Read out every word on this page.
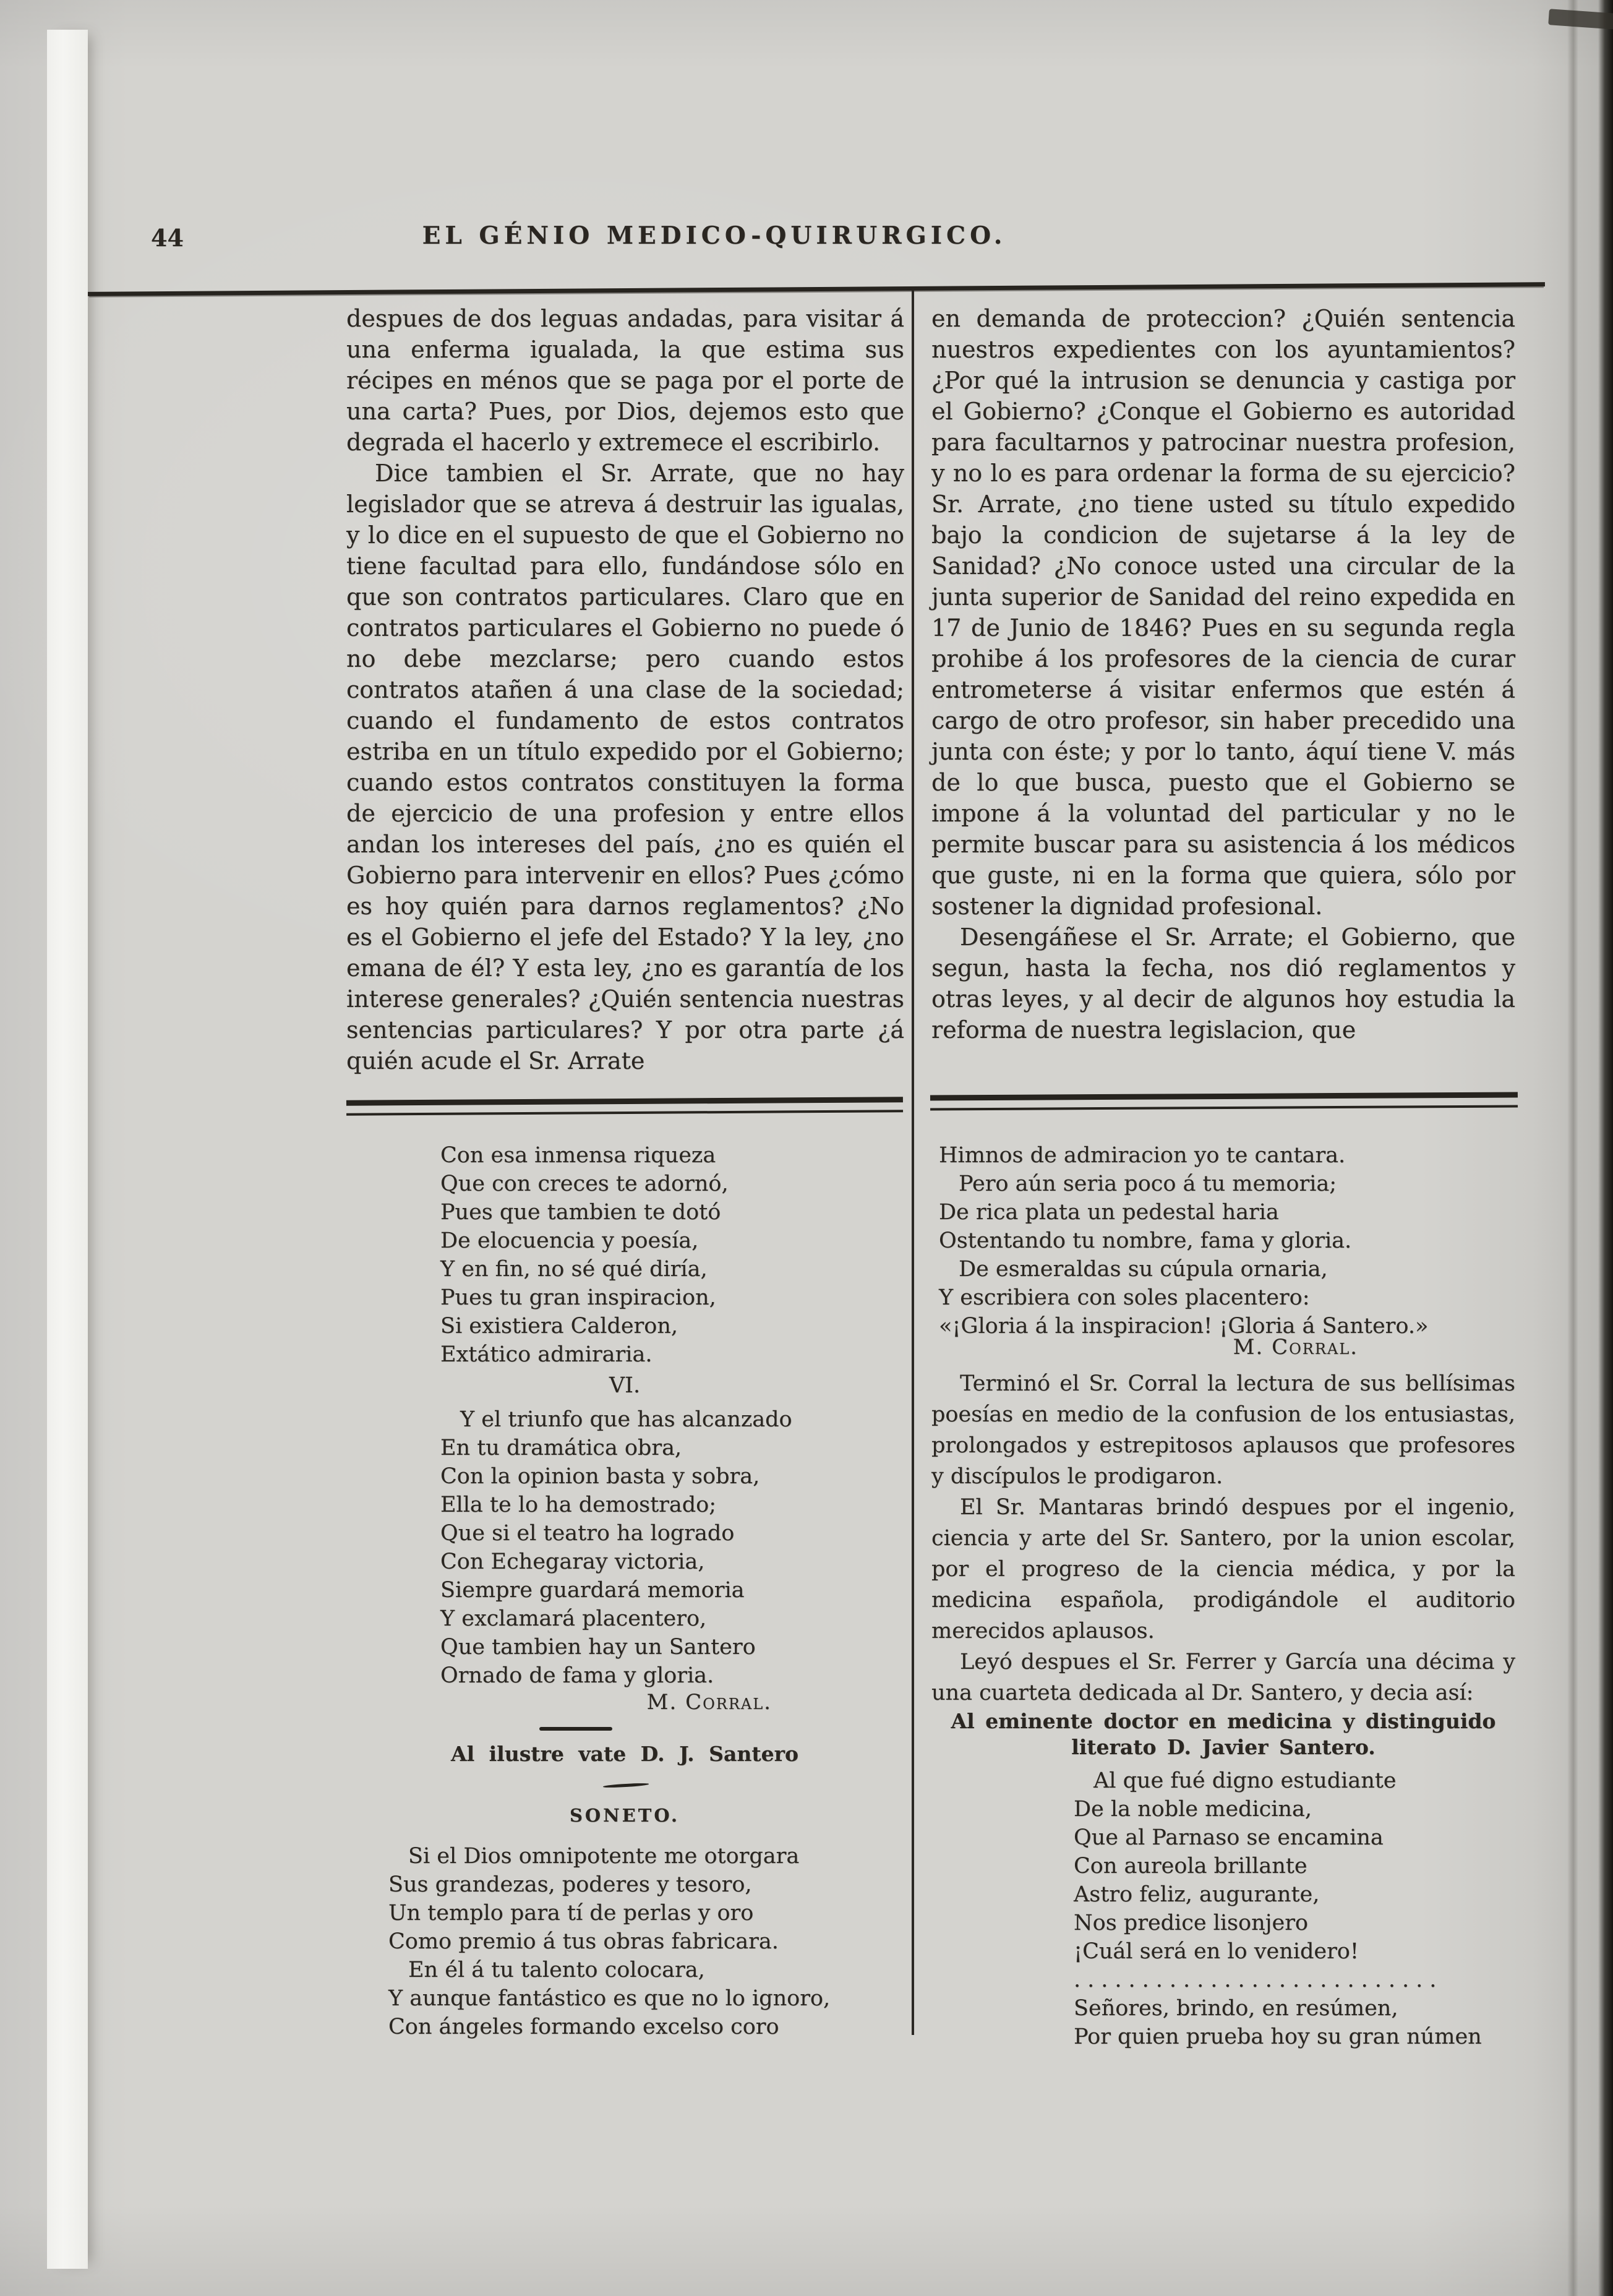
44	EL GÉNIO MEDICO-QUIRURGICO.

despues de dos leguas andadas, para visitar á una enferma igualada, la que estima sus récipes en ménos que se paga por el porte de una carta? Pues, por Dios, dejemos esto que degrada el hacerlo y extremece el escribirlo.

Dice tambien el Sr. Arrate, que no hay legislador que se atreva á destruir las igualas, y lo dice en el supuesto de que el Gobierno no tiene facultad para ello, fundándose sólo en que son contratos particulares. Claro que en contratos particulares el Gobierno no puede ó no debe mezclarse; pero cuando estos contratos atañen á una clase de la sociedad; cuando el fundamento de estos contratos estriba en un título expedido por el Gobierno; cuando estos contratos constituyen la forma de ejercicio de una profesion y entre ellos andan los intereses del país, ¿no es quién el Gobierno para intervenir en ellos? Pues ¿cómo es hoy quién para darnos reglamentos? ¿No es el Gobierno el jefe del Estado? Y la ley, ¿no emana de él? Y esta ley, ¿no es garantía de los interese generales? ¿Quién sentencia nuestras sentencias particulares? Y por otra parte ¿á quién acude el Sr. Arrate

en demanda de proteccion? ¿Quién sentencia nuestros expedientes con los ayuntamientos? ¿Por qué la intrusion se denuncia y castiga por el Gobierno? ¿Conque el Gobierno es autoridad para facultarnos y patrocinar nuestra profesion, y no lo es para ordenar la forma de su ejercicio? Sr. Arrate, ¿no tiene usted su título expedido bajo la condicion de sujetarse á la ley de Sanidad? ¿No conoce usted una circular de la junta superior de Sanidad del reino expedida en 17 de Junio de 1846? Pues en su segunda regla prohibe á los profesores de la ciencia de curar entrometerse á visitar enfermos que estén á cargo de otro profesor, sin haber precedido una junta con éste; y por lo tanto, áquí tiene V. más de lo que busca, puesto que el Gobierno se impone á la voluntad del particular y no le permite buscar para su asistencia á los médicos que guste, ni en la forma que quiera, sólo por sostener la dignidad profesional.

Desengáñese el Sr. Arrate; el Gobierno, que segun, hasta la fecha, nos dió reglamentos y otras leyes, y al decir de algunos hoy estudia la reforma de nuestra legislacion, que

Con esa inmensa riqueza
Que con creces te adornó,
Pues que tambien te dotó
De elocuencia y poesía,
Y en fin, no sé qué diría,
Pues tu gran inspiracion,
Si existiera Calderon,
Extático admiraria.
VI.
Y el triunfo que has alcanzado
En tu dramática obra,
Con la opinion basta y sobra,
Ella te lo ha demostrado;
Que si el teatro ha logrado
Con Echegaray victoria,
Siempre guardará memoria
Y exclamará placentero,
Que tambien hay un Santero
Ornado de fama y gloria.
M. Corral.
Al ilustre vate D. J. Santero
SONETO.
Si el Dios omnipotente me otorgara
Sus grandezas, poderes y tesoro,
Un templo para tí de perlas y oro
Como premio á tus obras fabricara.
En él á tu talento colocara,
Y aunque fantástico es que no lo ignoro,
Con ángeles formando excelso coro
Himnos de admiracion yo te cantara.
Pero aún seria poco á tu memoria;
De rica plata un pedestal haria
Ostentando tu nombre, fama y gloria.
De esmeraldas su cúpula ornaria,
Y escribiera con soles placentero:
«¡Gloria á la inspiracion! ¡Gloria á Santero.»
M. Corral.

Terminó el Sr. Corral la lectura de sus bellísimas poesías en medio de la confusion de los entusiastas, prolongados y estrepitosos aplausos que profesores y discípulos le prodigaron.

El Sr. Mantaras brindó despues por el ingenio, ciencia y arte del Sr. Santero, por la union escolar, por el progreso de la ciencia médica, y por la medicina española, prodigándole el auditorio merecidos aplausos.

Leyó despues el Sr. Ferrer y García una décima y una cuarteta dedicada al Dr. Santero, y decia así:

Al eminente doctor en medicina y distinguido
literato D. Javier Santero.
Al que fué digno estudiante
De la noble medicina,
Que al Parnaso se encamina
Con aureola brillante
Astro feliz, augurante,
Nos predice lisonjero
¡Cuál será en lo venidero!
...........................
Señores, brindo, en resúmen,
Por quien prueba hoy su gran númen
